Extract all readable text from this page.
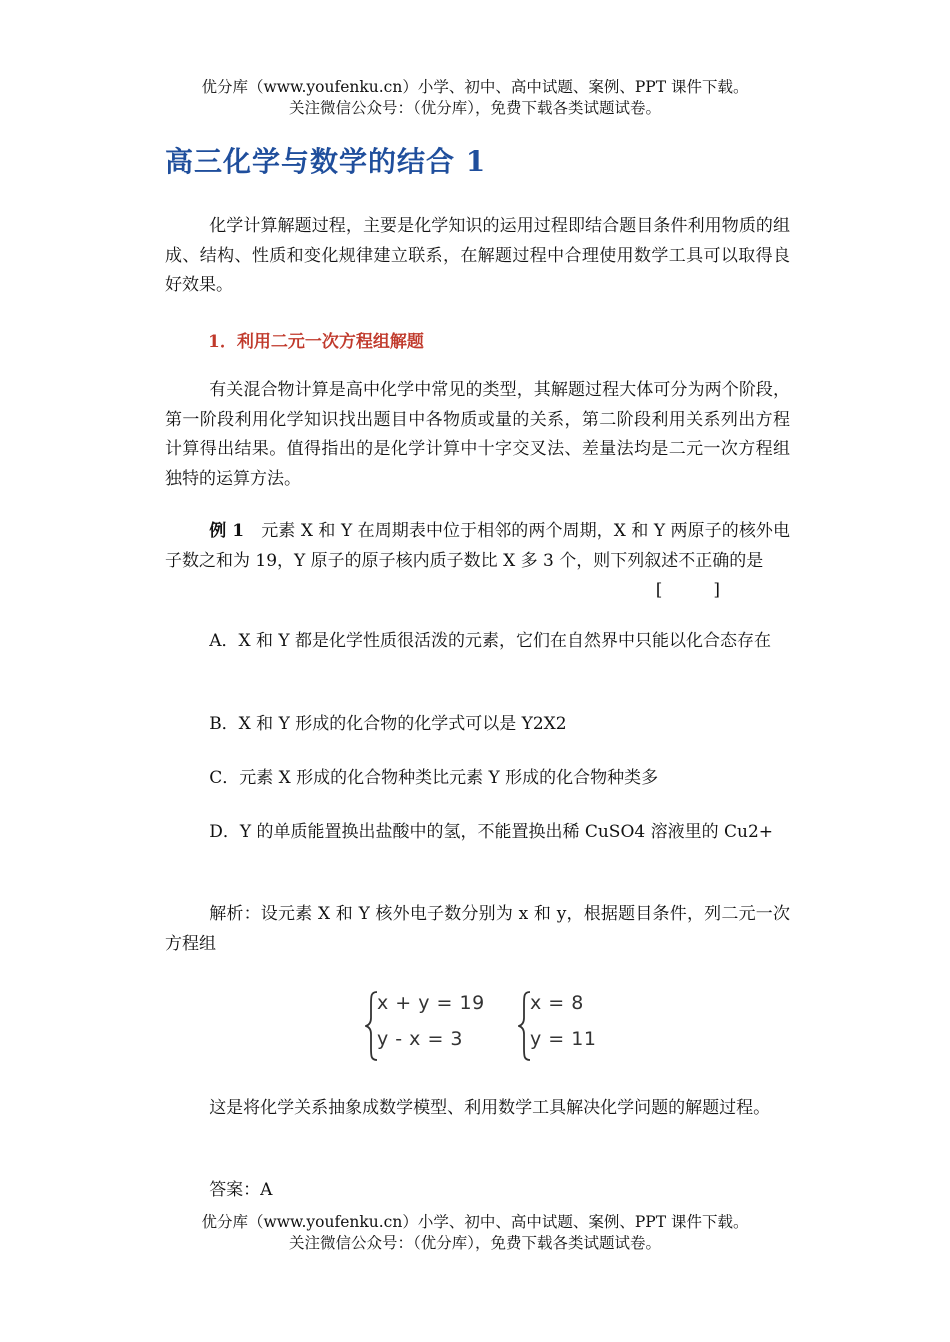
优分库（www.youfenku.cn）小学、初中、高中试题、案例、PPT 课件下载。
关注微信公众号：（优分库），免费下载各类试题试卷。
高三化学与数学的结合 1
化学计算解题过程，主要是化学知识的运用过程即结合题目条件利用物质的组成、结构、性质和变化规律建立联系，在解题过程中合理使用数学工具可以取得良好效果。
1．利用二元一次方程组解题
有关混合物计算是高中化学中常见的类型，其解题过程大体可分为两个阶段，第一阶段利用化学知识找出题目中各物质或量的关系，第二阶段利用关系列出方程计算得出结果。值得指出的是化学计算中十字交叉法、差量法均是二元一次方程组独特的运算方法。
例 1　元素 X 和 Y 在周期表中位于相邻的两个周期，X 和 Y 两原子的核外电子数之和为 19，Y 原子的原子核内质子数比 X 多 3 个，则下列叙述不正确的是
[　　　]
A．X 和 Y 都是化学性质很活泼的元素，它们在自然界中只能以化合态存在
B．X 和 Y 形成的化合物的化学式可以是 Y2X2
C．元素 X 形成的化合物种类比元素 Y 形成的化合物种类多
D．Y 的单质能置换出盐酸中的氢，不能置换出稀 CuSO4 溶液里的 Cu2+
解析：设元素 X 和 Y 核外电子数分别为 x 和 y，根据题目条件，列二元一次方程组
这是将化学关系抽象成数学模型、利用数学工具解决化学问题的解题过程。
答案：A
x + y = 19
y - x = 3
x = 8
y = 11
优分库（www.youfenku.cn）小学、初中、高中试题、案例、PPT 课件下载。
关注微信公众号：（优分库），免费下载各类试题试卷。
